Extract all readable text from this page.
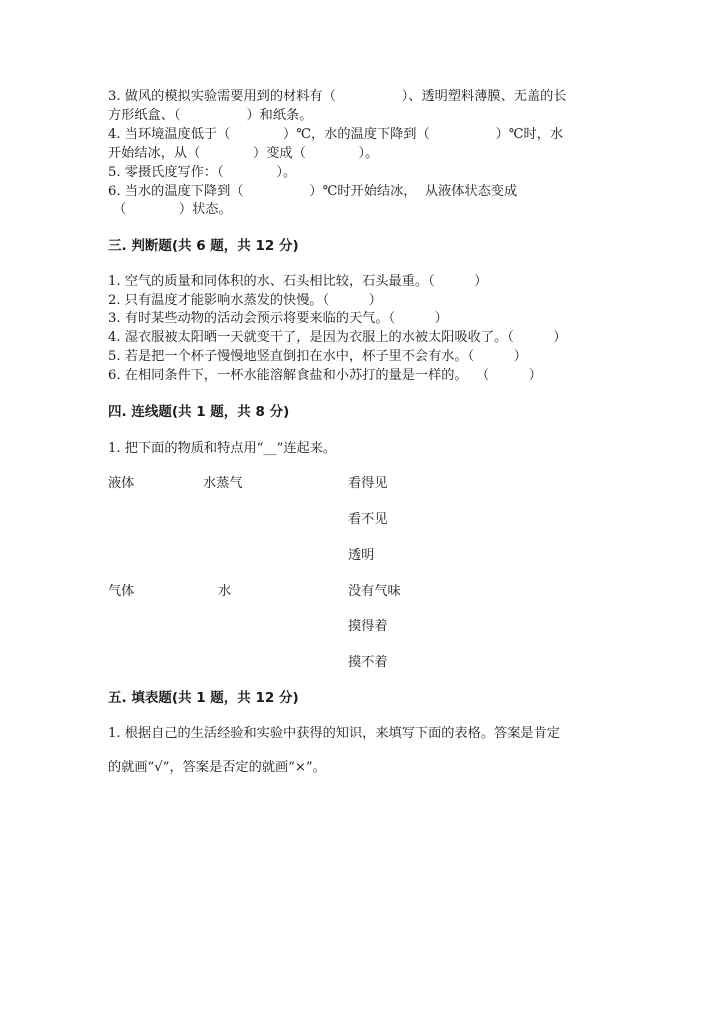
3. 做风的模拟实验需要用到的材料有（　　　　　）、透明塑料薄膜、无盖的长
方形纸盒、（　　　　　）和纸条。
4. 当环境温度低于（　　　　）℃，水的温度下降到（　　　　　）℃时，水
开始结冰，从（　　　　）变成（　　　　）。
5. 零摄氏度写作：（　　　　）。
6. 当水的温度下降到（　　　　　）℃时开始结冰，  从液体状态变成
（　　　　）状态。
三. 判断题(共 6 题，共 12 分)
1. 空气的质量和同体积的水、石头相比较，石头最重。（　　　）
2. 只有温度才能影响水蒸发的快慢。（　　　）
3. 有时某些动物的活动会预示将要来临的天气。（　　　）
4. 湿衣服被太阳晒一天就变干了，是因为衣服上的水被太阳吸收了。（　　　）
5. 若是把一个杯子慢慢地竖直倒扣在水中，杯子里不会有水。（　　　）
6. 在相同条件下，一杯水能溶解食盐和小苏打的量是一样的。  （　　　）
四. 连线题(共 1 题，共 8 分)
1. 把下面的物质和特点用“__”连起来。
液体
气体
水蒸气
水
看得见
看不见
透明
没有气味
摸得着
摸不着
五. 填表题(共 1 题，共 12 分)
1. 根据自己的生活经验和实验中获得的知识，来填写下面的表格。答案是肯定
的就画“√”，答案是否定的就画“×”。
